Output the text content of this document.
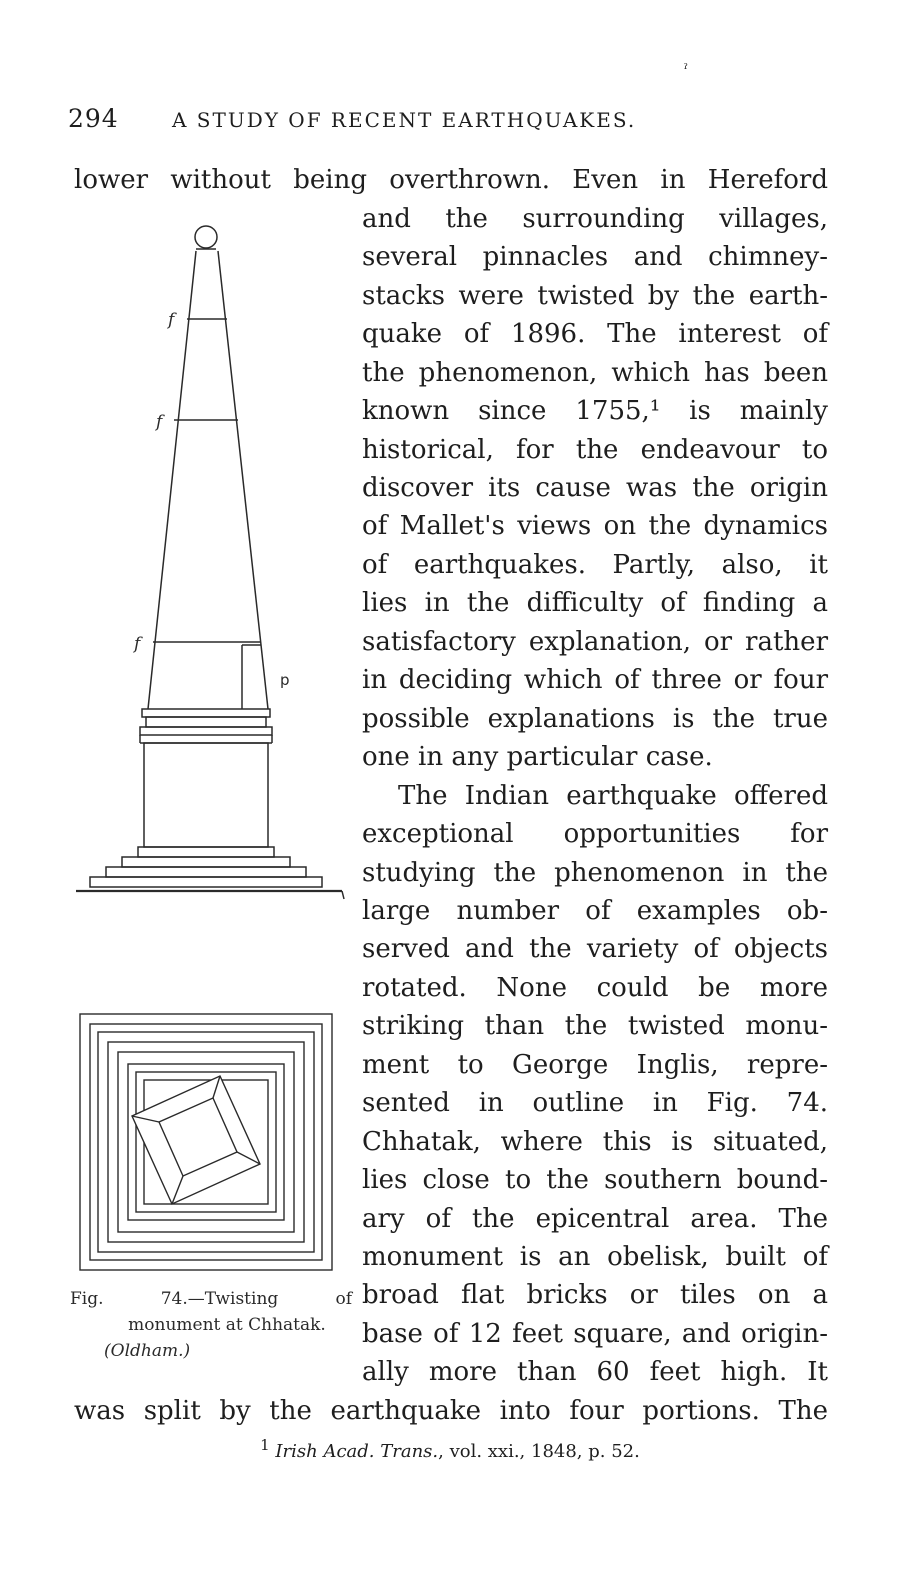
ˀ
294	A STUDY OF RECENT EARTHQUAKES.
lower without being overthrown. Even in Hereford
and the surrounding villages,
several pinnacles and chimney-
stacks were twisted by the earth-
quake of 1896. The interest of
the phenomenon, which has been
known since 1755,¹ is mainly
historical, for the endeavour to
discover its cause was the origin
of Mallet's views on the dynamics
of earthquakes. Partly, also, it
lies in the difficulty of finding a
satisfactory explanation, or rather
in deciding which of three or four
possible explanations is the true
one in any particular case.
The Indian earthquake offered
exceptional opportunities for
studying the phenomenon in the
large number of examples ob-
served and the variety of objects
rotated. None could be more
striking than the twisted monu-
ment to George Inglis, repre-
sented in outline in Fig. 74.
Chhatak, where this is situated,
lies close to the southern bound-
ary of the epicentral area. The
monument is an obelisk, built of
broad flat bricks or tiles on a
base of 12 feet square, and origin-
ally more than 60 feet high. It
was split by the earthquake into four portions. The
f
f
f
p
Fig. 74.—Twisting of
monument at Chhatak.
(Oldham.)
$^1$ Irish Acad. Trans., vol. xxi., 1848, p. 52.
